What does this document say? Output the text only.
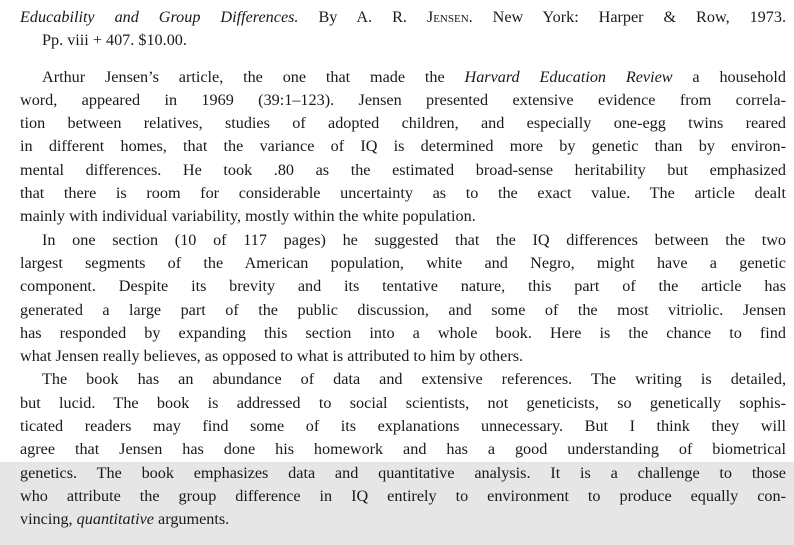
Educability and Group Differences. By A. R. Jensen. New York: Harper & Row, 1973.
Pp. viii + 407. $10.00.
Arthur Jensen’s article, the one that made the Harvard Education Review a household
word, appeared in 1969 (39:1–123). Jensen presented extensive evidence from correla-
tion between relatives, studies of adopted children, and especially one-egg twins reared
in different homes, that the variance of IQ is determined more by genetic than by environ-
mental differences. He took .80 as the estimated broad-sense heritability but emphasized
that there is room for considerable uncertainty as to the exact value. The article dealt
mainly with individual variability, mostly within the white population.
In one section (10 of 117 pages) he suggested that the IQ differences between the two
largest segments of the American population, white and Negro, might have a genetic
component. Despite its brevity and its tentative nature, this part of the article has
generated a large part of the public discussion, and some of the most vitriolic. Jensen
has responded by expanding this section into a whole book. Here is the chance to find
what Jensen really believes, as opposed to what is attributed to him by others.
The book has an abundance of data and extensive references. The writing is detailed,
but lucid. The book is addressed to social scientists, not geneticists, so genetically sophis-
ticated readers may find some of its explanations unnecessary. But I think they will
agree that Jensen has done his homework and has a good understanding of biometrical
genetics. The book emphasizes data and quantitative analysis. It is a challenge to those
who attribute the group difference in IQ entirely to environment to produce equally con-
vincing, quantitative arguments.
